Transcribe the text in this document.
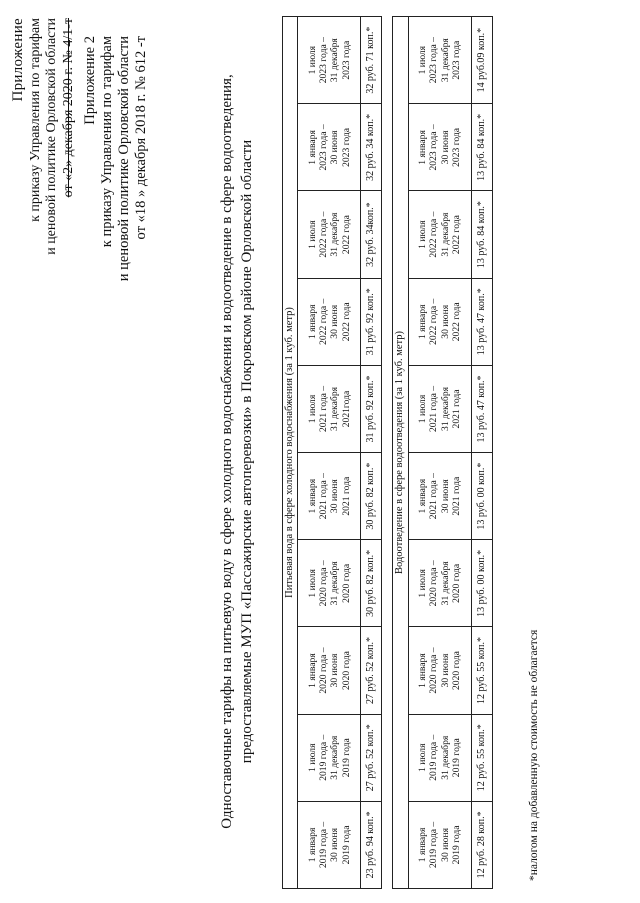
Приложение к приказу Управления по тарифам и ценовой политике Орловской области от «2» декабря 2020 г. № 4/1-т Приложение 2 к приказу Управления по тарифам и ценовой политике Орловской области от «18 » декабря 2018 г. № 612 -т	Одноставочные тарифы на питьевую воду в сфере холодного водоснабжения и водоотведение в сфере водоотведения, предоставляемые МУП «Пассажирские автоперевозки» в Покровском районе Орловской области	Питьевая вода в сфере холодного водоснабжения (за 1 куб. метр)									

1 января 2019 года – 30 июня 2019 года	1 июля 2019 года – 31 декабря 2019 года	1 января 2020 года – 30 июня 2020 года	1 июля 2020 года – 31 декабря 2020 года	1 января 2021 года – 30 июня 2021 года	1 июля 2021 года – 31 декабря 2021года	1 января 2022 года – 30 июня 2022 года	1 июля 2022 года – 31 декабря 2022 года	1 января 2023 года – 30 июня 2023 года	1 июля 2023 года – 31 декабря 2023 года

23 руб. 94 коп.*	27 руб. 52 коп.*	27 руб. 52 коп.*	30 руб. 82 коп.*	30 руб. 82 коп.*	31 руб. 92 коп.*	31 руб. 92 коп.*	32 руб. 34коп.*	32 руб. 34 коп.*	32 руб. 71 коп.*

Водоотведение в сфере водоотведения (за 1 куб. метр)									

1 января 2019 года – 30 июня 2019 года	1 июля 2019 года – 31 декабря 2019 года	1 января 2020 года – 30 июня 2020 года	1 июля 2020 года – 31 декабря 2020 года	1 января 2021 года – 30 июня 2021 года	1 июля 2021 года – 31 декабря 2021 года	1 января 2022 года – 30 июня 2022 года	1 июля 2022 года – 31 декабря 2022 года	1 января 2023 года – 30 июня 2023 года	1 июля 2023 года – 31 декабря 2023 года

12 руб. 28 коп.*	12 руб. 55 коп.*	12 руб. 55 коп.*	13 руб. 00 коп.*	13 руб. 00 коп.*	13 руб. 47 коп.*	13 руб. 47 коп.*	13 руб. 84 коп.*	13 руб. 84 коп.*	14 руб.09 коп.*
*налогом на добавленную стоимость не облагается
